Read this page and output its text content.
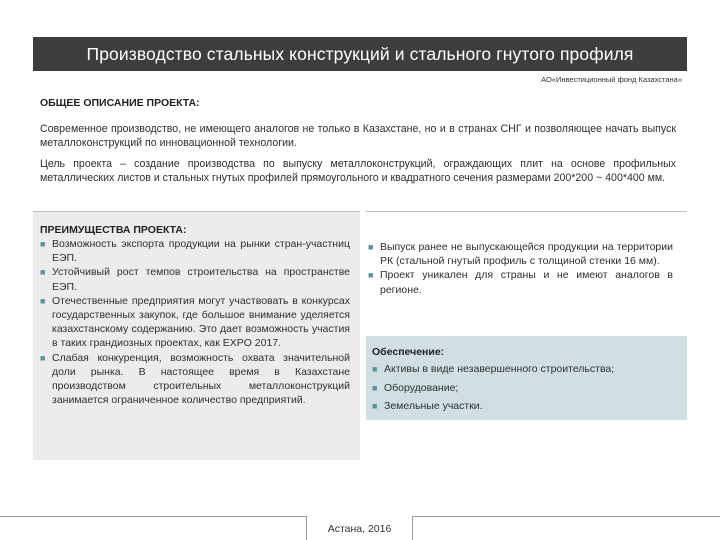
Производство стальных конструкций и стального гнутого профиля
АО«Инвестиционный фонд Казахстана»
ОБЩЕЕ ОПИСАНИЕ ПРОЕКТА:

Современное производство, не имеющего аналогов не только в Казахстане, но и в странах СНГ и позволяющее начать выпуск металлоконструкций по инновационной технологии.

Цель проекта – создание производства по выпуску металлоконструкций, ограждающих плит на основе профильных металлических листов и стальных гнутых профилей прямоугольного и квадратного сечения размерами 200*200 ~ 400*400 мм.

ПРЕИМУЩЕСТВА ПРОЕКТА:
■ Возможность экспорта продукции на рынки стран-участниц ЕЭП.
■ Устойчивый рост темпов строительства на пространстве ЕЭП.
■ Отечественные предприятия могут участвовать в конкурсах государственных закупок, где большое внимание уделяется казахстанскому содержанию. Это дает возможность участия в таких грандиозных проектах, как EXPO 2017.
■ Слабая конкуренция, возможность охвата значительной доли рынка. В настоящее время в Казахстане производством строительных металлоконструкций занимается ограниченное количество предприятий.
■ Выпуск ранее не выпускающейся продукции на территории РК (стальной гнутый профиль с толщиной стенки 16 мм).
■ Проект уникален для страны и не имеют аналогов в регионе.
Обеспечение:
■ Активы в виде незавершенного строительства;
■ Оборудование;
■ Земельные участки.
Астана, 2016
